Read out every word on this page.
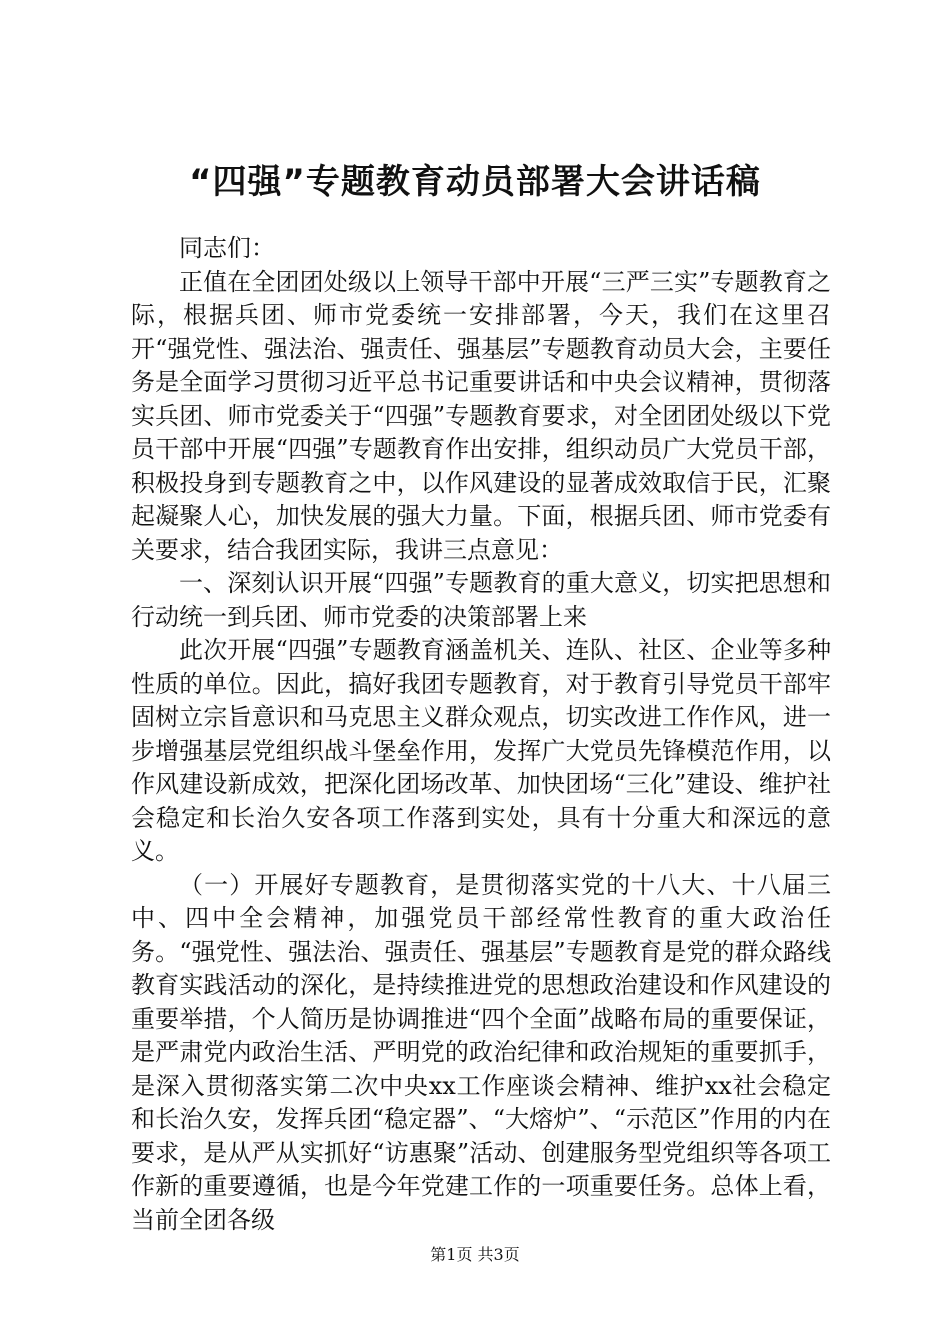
“四强”专题教育动员部署大会讲话稿

同志们：

正值在全团团处级以上领导干部中开展“三严三实”专题教育之际，根据兵团、师市党委统一安排部署，今天，我们在这里召开“强党性、强法治、强责任、强基层”专题教育动员大会，主要任务是全面学习贯彻习近平总书记重要讲话和中央会议精神，贯彻落实兵团、师市党委关于“四强”专题教育要求，对全团团处级以下党员干部中开展“四强”专题教育作出安排，组织动员广大党员干部，积极投身到专题教育之中，以作风建设的显著成效取信于民，汇聚起凝聚人心，加快发展的强大力量。下面，根据兵团、师市党委有关要求，结合我团实际，我讲三点意见：

一、深刻认识开展“四强”专题教育的重大意义，切实把思想和行动统一到兵团、师市党委的决策部署上来

此次开展“四强”专题教育涵盖机关、连队、社区、企业等多种性质的单位。因此，搞好我团专题教育，对于教育引导党员干部牢固树立宗旨意识和马克思主义群众观点，切实改进工作作风，进一步增强基层党组织战斗堡垒作用，发挥广大党员先锋模范作用，以作风建设新成效，把深化团场改革、加快团场“三化”建设、维护社会稳定和长治久安各项工作落到实处，具有十分重大和深远的意义。

（一）开展好专题教育，是贯彻落实党的十八大、十八届三中、四中全会精神，加强党员干部经常性教育的重大政治任务。“强党性、强法治、强责任、强基层”专题教育是党的群众路线教育实践活动的深化，是持续推进党的思想政治建设和作风建设的重要举措，个人简历是协调推进“四个全面”战略布局的重要保证，是严肃党内政治生活、严明党的政治纪律和政治规矩的重要抓手，是深入贯彻落实第二次中央xx工作座谈会精神、维护xx社会稳定和长治久安，发挥兵团“稳定器”、“大熔炉”、“示范区”作用的内在要求，是从严从实抓好“访惠聚”活动、创建服务型党组织等各项工作新的重要遵循，也是今年党建工作的一项重要任务。总体上看，当前全团各级

第1页 共3页
